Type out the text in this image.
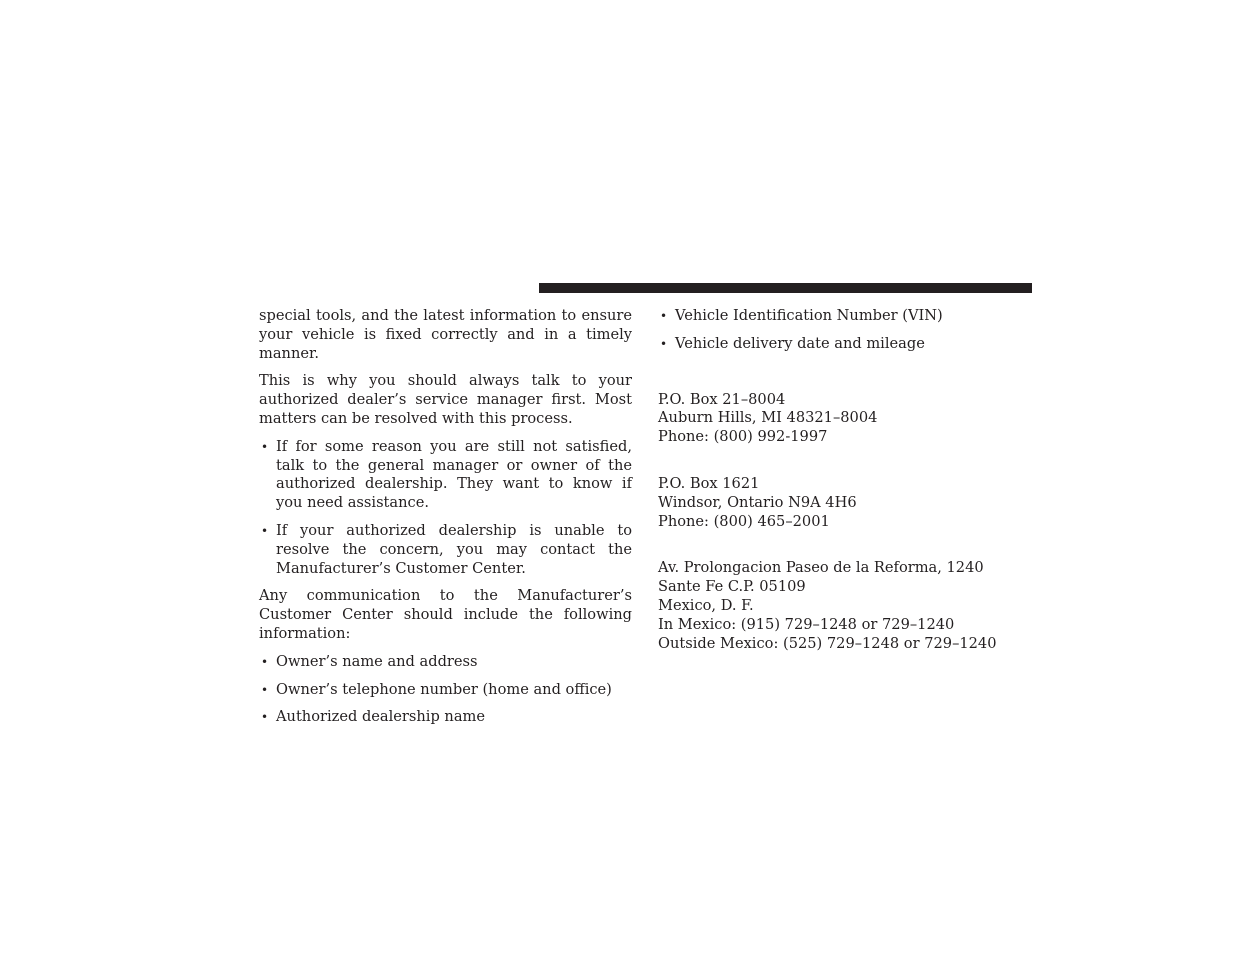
special tools, and the latest information to ensure your vehicle is fixed correctly and in a timely manner.

This is why you should always talk to your authorized dealer’s service manager first. Most matters can be resolved with this process.

• If for some reason you are still not satisfied, talk to the general manager or owner of the authorized dealership. They want to know if you need assistance.
• If your authorized dealership is unable to resolve the concern, you may contact the Manufacturer’s Customer Center.

Any communication to the Manufacturer’s Customer Center should include the following information:

• Owner’s name and address
• Owner’s telephone number (home and office)
• Authorized dealership name
• Vehicle Identification Number (VIN)
• Vehicle delivery date and mileage
P.O. Box 21–8004
Auburn Hills, MI 48321–8004
Phone: (800) 992-1997
P.O. Box 1621
Windsor, Ontario N9A 4H6
Phone: (800) 465–2001
Av. Prolongacion Paseo de la Reforma, 1240
Sante Fe C.P. 05109
Mexico, D. F.
In Mexico: (915) 729–1248 or 729–1240
Outside Mexico: (525) 729–1248 or 729–1240
